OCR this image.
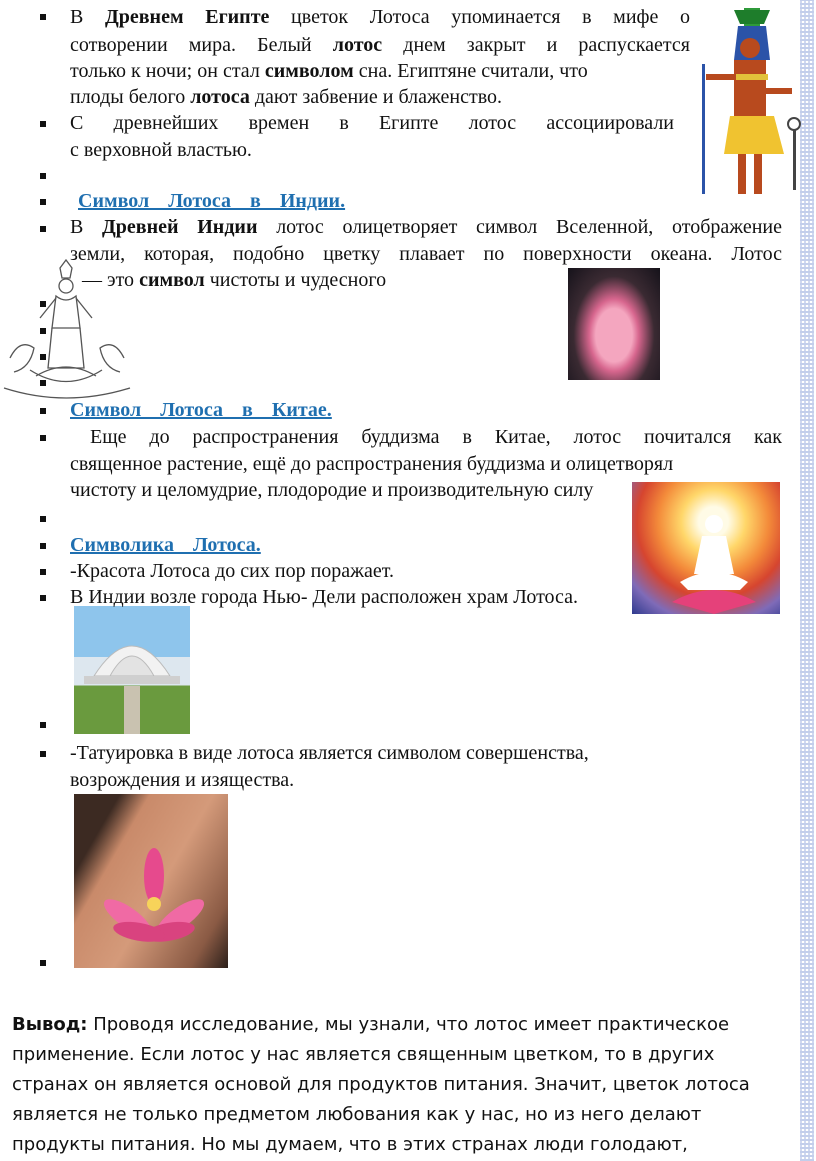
В Древнем Египте цветок Лотоса упоминается в мифе о
сотворении мира. Белый лотос днем закрыт и распускается
только к ночи; он стал символом сна. Египтяне считали, что
плоды белого лотоса дают забвение и блаженство.
С древнейших времен в Египте лотос ассоциировали
с верховной властью.
Символ Лотоса в Индии.
В Древней Индии лотос олицетворяет символ Вселенной, отображение
земли, которая, подобно цветку плавает по поверхности океана. Лотос
— это символ чистоты и чудесного
Символ Лотоса в Китае.
Еще до распространения буддизма в Китае, лотос почитался как
священное растение, ещё до распространения буддизма и олицетворял
чистоту и целомудрие, плодородие и производительную силу
Символика Лотоса.
-Красота Лотоса до сих пор поражает.
В Индии возле города Нью- Дели расположен храм Лотоса.
-Татуировка в виде лотоса является символом совершенства,
возрождения и изящества.
Вывод: Проводя исследование, мы узнали, что лотос имеет практическое
применение. Если лотос у нас является священным цветком, то в других
странах он является основой для продуктов питания. Значит, цветок лотоса
является не только предметом любования как у нас, но из него делают
продукты питания. Но мы думаем, что в этих странах люди голодают,
